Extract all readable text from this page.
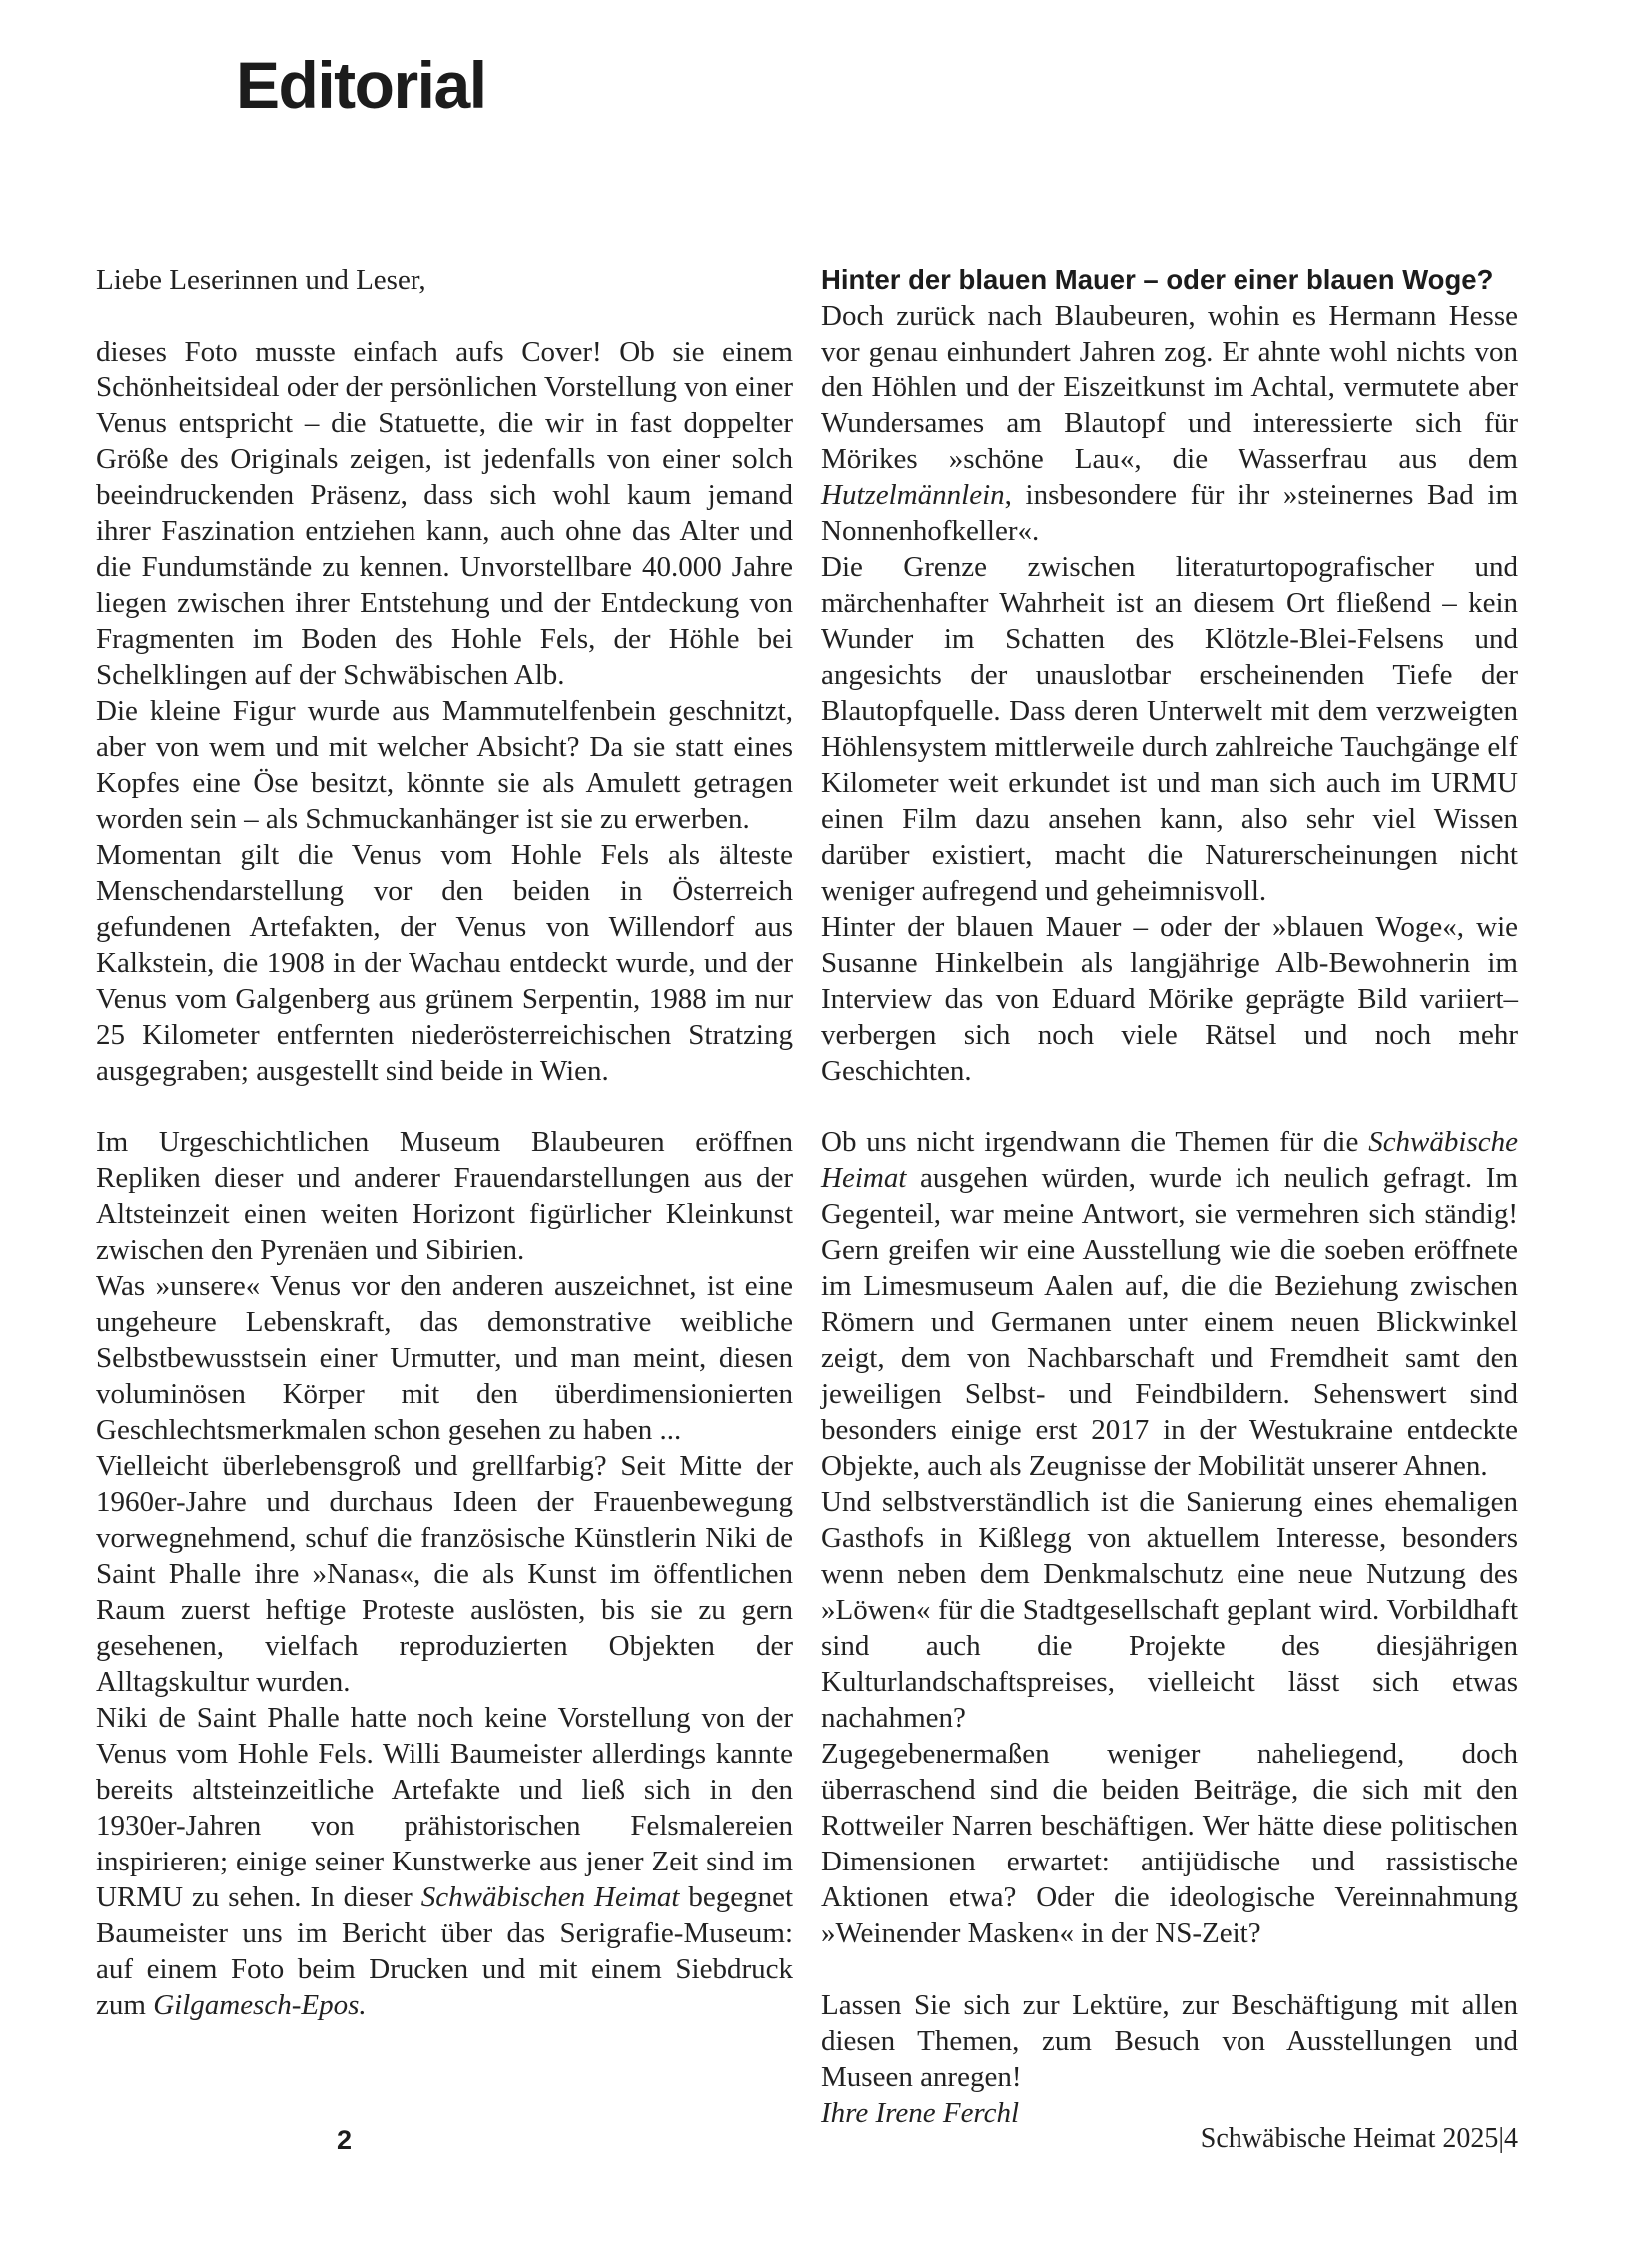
Editorial

Liebe Leserinnen und Leser,

dieses Foto musste einfach aufs Cover! Ob sie einem Schönheitsideal oder der persönlichen Vorstellung von einer Venus entspricht – die Statuette, die wir in fast doppelter Größe des Originals zeigen, ist jedenfalls von einer solch beeindruckenden Präsenz, dass sich wohl kaum jemand ihrer Faszination entziehen kann, auch ohne das Alter und die Fundumstände zu kennen. Unvorstellbare 40.000 Jahre liegen zwischen ihrer Entstehung und der Entdeckung von Fragmenten im Boden des Hohle Fels, der Höhle bei Schelklingen auf der Schwäbischen Alb.

Die kleine Figur wurde aus Mammutelfenbein geschnitzt, aber von wem und mit welcher Absicht? Da sie statt eines Kopfes eine Öse besitzt, könnte sie als Amulett getragen worden sein – als Schmuckanhänger ist sie zu erwerben.

Momentan gilt die Venus vom Hohle Fels als älteste Menschendarstellung vor den beiden in Österreich gefundenen Artefakten, der Venus von Willendorf aus Kalkstein, die 1908 in der Wachau entdeckt wurde, und der Venus vom Galgenberg aus grünem Serpentin, 1988 im nur 25 Kilometer entfernten niederösterreichischen Stratzing ausgegraben; ausgestellt sind beide in Wien.

Im Urgeschichtlichen Museum Blaubeuren eröffnen Repliken dieser und anderer Frauendarstellungen aus der Altsteinzeit einen weiten Horizont figürlicher Kleinkunst zwischen den Pyrenäen und Sibirien.

Was »unsere« Venus vor den anderen auszeichnet, ist eine ungeheure Lebenskraft, das demonstrative weibliche Selbstbewusstsein einer Urmutter, und man meint, diesen voluminösen Körper mit den überdimensionierten Geschlechtsmerkmalen schon gesehen zu haben ...

Vielleicht überlebensgroß und grellfarbig? Seit Mitte der 1960er-Jahre und durchaus Ideen der Frauenbewegung vorwegnehmend, schuf die französische Künstlerin Niki de Saint Phalle ihre »Nanas«, die als Kunst im öffentlichen Raum zuerst heftige Proteste auslösten, bis sie zu gern gesehenen, vielfach reproduzierten Objekten der Alltagskultur wurden.

Niki de Saint Phalle hatte noch keine Vorstellung von der Venus vom Hohle Fels. Willi Baumeister allerdings kannte bereits altsteinzeitliche Artefakte und ließ sich in den 1930er-Jahren von prähistorischen Felsmalereien inspirieren; einige seiner Kunstwerke aus jener Zeit sind im URMU zu sehen. In dieser Schwäbischen Heimat begegnet Baumeister uns im Bericht über das Serigrafie-Museum: auf einem Foto beim Drucken und mit einem Siebdruck zum Gilgamesch-Epos.

Hinter der blauen Mauer – oder einer blauen Woge?

Doch zurück nach Blaubeuren, wohin es Hermann Hesse vor genau einhundert Jahren zog. Er ahnte wohl nichts von den Höhlen und der Eiszeitkunst im Achtal, vermutete aber Wundersames am Blautopf und interessierte sich für Mörikes »schöne Lau«, die Wasserfrau aus dem Hutzelmännlein, insbesondere für ihr »steinernes Bad im Nonnenhofkeller«.

Die Grenze zwischen literaturtopografischer und märchenhafter Wahrheit ist an diesem Ort fließend – kein Wunder im Schatten des Klötzle-Blei-Felsens und angesichts der unauslotbar erscheinenden Tiefe der Blautopfquelle. Dass deren Unterwelt mit dem verzweigten Höhlensystem mittlerweile durch zahlreiche Tauchgänge elf Kilometer weit erkundet ist und man sich auch im URMU einen Film dazu ansehen kann, also sehr viel Wissen darüber existiert, macht die Naturerscheinungen nicht weniger aufregend und geheimnisvoll.

Hinter der blauen Mauer – oder der »blauen Woge«, wie Susanne Hinkelbein als langjährige Alb-Bewohnerin im Interview das von Eduard Mörike geprägte Bild variiert– verbergen sich noch viele Rätsel und noch mehr Geschichten.

Ob uns nicht irgendwann die Themen für die Schwäbische Heimat ausgehen würden, wurde ich neulich gefragt. Im Gegenteil, war meine Antwort, sie vermehren sich ständig! Gern greifen wir eine Ausstellung wie die soeben eröffnete im Limesmuseum Aalen auf, die die Beziehung zwischen Römern und Germanen unter einem neuen Blickwinkel zeigt, dem von Nachbarschaft und Fremdheit samt den jeweiligen Selbst- und Feindbildern. Sehenswert sind besonders einige erst 2017 in der Westukraine entdeckte Objekte, auch als Zeugnisse der Mobilität unserer Ahnen.

Und selbstverständlich ist die Sanierung eines ehemaligen Gasthofs in Kißlegg von aktuellem Interesse, besonders wenn neben dem Denkmalschutz eine neue Nutzung des »Löwen« für die Stadtgesellschaft geplant wird. Vorbildhaft sind auch die Projekte des diesjährigen Kulturlandschaftspreises, vielleicht lässt sich etwas nachahmen?

Zugegebenermaßen weniger naheliegend, doch überraschend sind die beiden Beiträge, die sich mit den Rottweiler Narren beschäftigen. Wer hätte diese politischen Dimensionen erwartet: antijüdische und rassistische Aktionen etwa? Oder die ideologische Vereinnahmung »Weinender Masken« in der NS-Zeit?

Lassen Sie sich zur Lektüre, zur Beschäftigung mit allen diesen Themen, zum Besuch von Ausstellungen und Museen anregen!

Ihre Irene Ferchl

2	Schwäbische Heimat 2025|4
